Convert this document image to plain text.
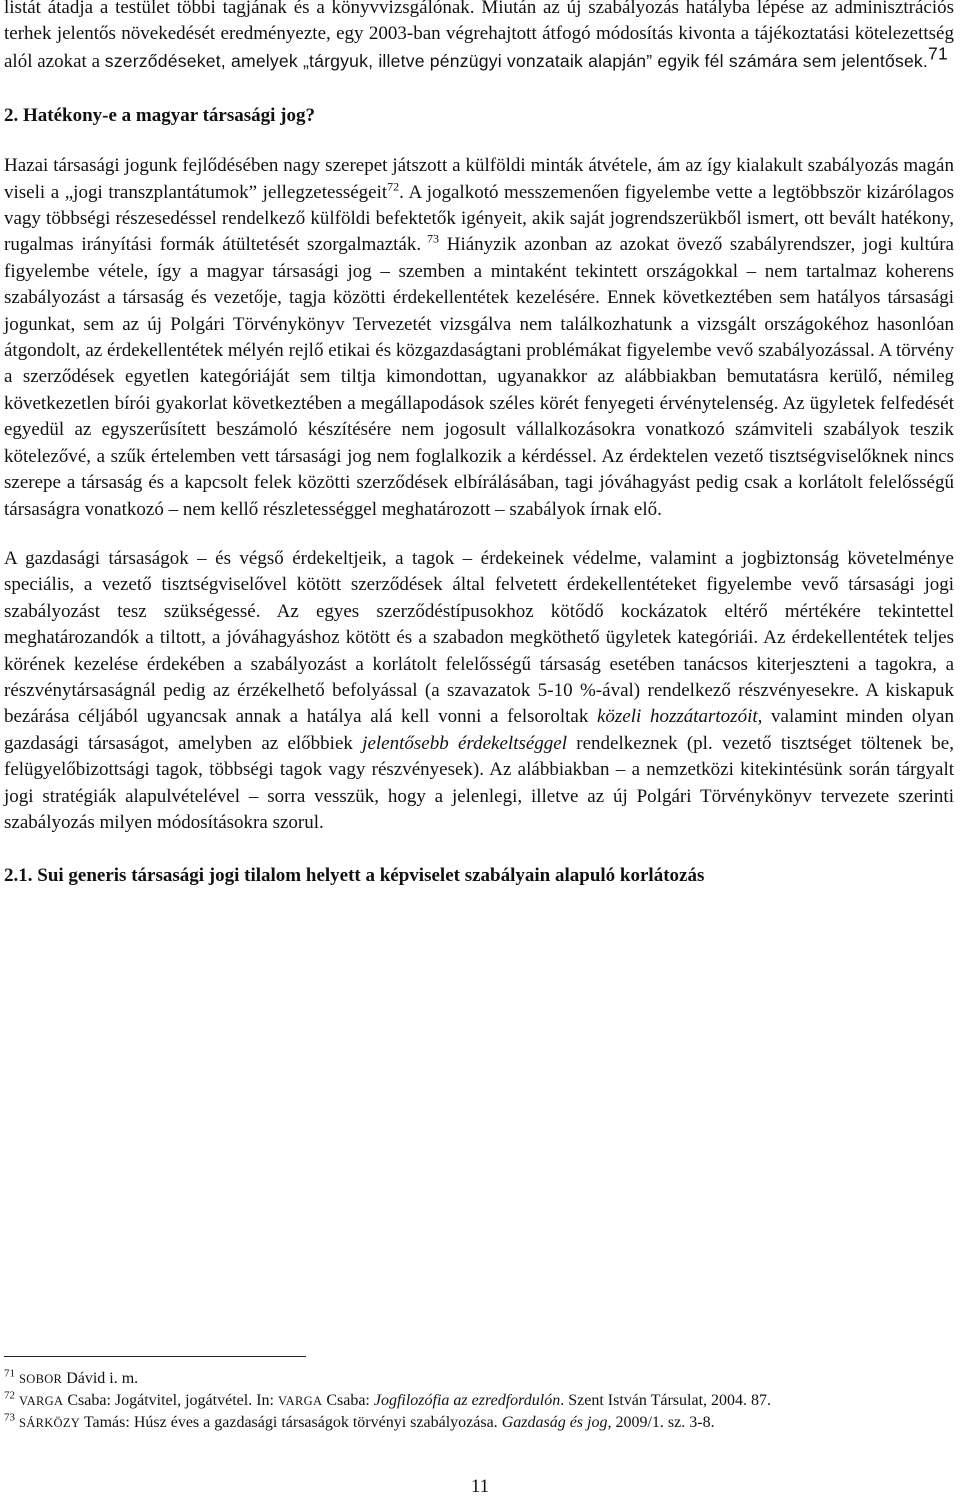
listát átadja a testület többi tagjának és a könyvvizsgálónak. Miután az új szabályozás hatályba lépése az adminisztrációs terhek jelentős növekedését eredményezte, egy 2003-ban végrehajtott átfogó módosítás kivonta a tájékoztatási kötelezettség alól azokat a szerződéseket, amelyek „tárgyuk, illetve pénzügyi vonzataik alapján” egyik fél számára sem jelentősek.$^{71}$

2. Hatékony-e a magyar társasági jog?

Hazai társasági jogunk fejlődésében nagy szerepet játszott a külföldi minták átvétele, ám az így kialakult szabályozás magán viseli a „jogi transzplantátumok” jellegzetességeit$^{72}$. A jogalkotó messzemenően figyelembe vette a legtöbbször kizárólagos vagy többségi részesedéssel rendelkező külföldi befektetők igényeit, akik saját jogrendszerükből ismert, ott bevált hatékony, rugalmas irányítási formák átültetését szorgalmazták. $^{73}$ Hiányzik azonban az azokat övező szabályrendszer, jogi kultúra figyelembe vétele, így a magyar társasági jog – szemben a mintaként tekintett országokkal – nem tartalmaz koherens szabályozást a társaság és vezetője, tagja közötti érdekellentétek kezelésére. Ennek következtében sem hatályos társasági jogunkat, sem az új Polgári Törvénykönyv Tervezetét vizsgálva nem találkozhatunk a vizsgált országokéhoz hasonlóan átgondolt, az érdekellentétek mélyén rejlő etikai és közgazdaságtani problémákat figyelembe vevő szabályozással. A törvény a szerződések egyetlen kategóriáját sem tiltja kimondottan, ugyanakkor az alábbiakban bemutatásra kerülő, némileg következetlen bírói gyakorlat következtében a megállapodások széles körét fenyegeti érvénytelenség. Az ügyletek felfedését egyedül az egyszerűsített beszámoló készítésére nem jogosult vállalkozásokra vonatkozó számviteli szabályok teszik kötelezővé, a szűk értelemben vett társasági jog nem foglalkozik a kérdéssel. Az érdektelen vezető tisztségviselőknek nincs szerepe a társaság és a kapcsolt felek közötti szerződések elbírálásában, tagi jóváhagyást pedig csak a korlátolt felelősségű társaságra vonatkozó – nem kellő részletességgel meghatározott – szabályok írnak elő.

A gazdasági társaságok – és végső érdekeltjeik, a tagok – érdekeinek védelme, valamint a jogbiztonság követelménye speciális, a vezető tisztségviselővel kötött szerződések által felvetett érdekellentéteket figyelembe vevő társasági jogi szabályozást tesz szükségessé. Az egyes szerződéstípusokhoz kötődő kockázatok eltérő mértékére tekintettel meghatározandók a tiltott, a jóváhagyáshoz kötött és a szabadon megköthető ügyletek kategóriái. Az érdekellentétek teljes körének kezelése érdekében a szabályozást a korlátolt felelősségű társaság esetében tanácsos kiterjeszteni a tagokra, a részvénytársaságnál pedig az érzékelhető befolyással (a szavazatok 5-10 %-ával) rendelkező részvényesekre. A kiskapuk bezárása céljából ugyancsak annak a hatálya alá kell vonni a felsoroltak közeli hozzátartozóit, valamint minden olyan gazdasági társaságot, amelyben az előbbiek jelentősebb érdekeltséggel rendelkeznek (pl. vezető tisztséget töltenek be, felügyelőbizottsági tagok, többségi tagok vagy részvényesek). Az alábbiakban – a nemzetközi kitekintésünk során tárgyalt jogi stratégiák alapulvételével – sorra vesszük, hogy a jelenlegi, illetve az új Polgári Törvénykönyv tervezete szerinti szabályozás milyen módosításokra szorul.

2.1. Sui generis társasági jogi tilalom helyett a képviselet szabályain alapuló korlátozás

$^{71}$ SOBOR Dávid i. m.

$^{72}$ VARGA Csaba: Jogátvitel, jogátvétel. In: VARGA Csaba: Jogfilozófia az ezredfordulón. Szent István Társulat, 2004. 87.

$^{73}$ SÁRKÖZY Tamás: Húsz éves a gazdasági társaságok törvényi szabályozása. Gazdaság és jog, 2009/1. sz. 3-8.

11
